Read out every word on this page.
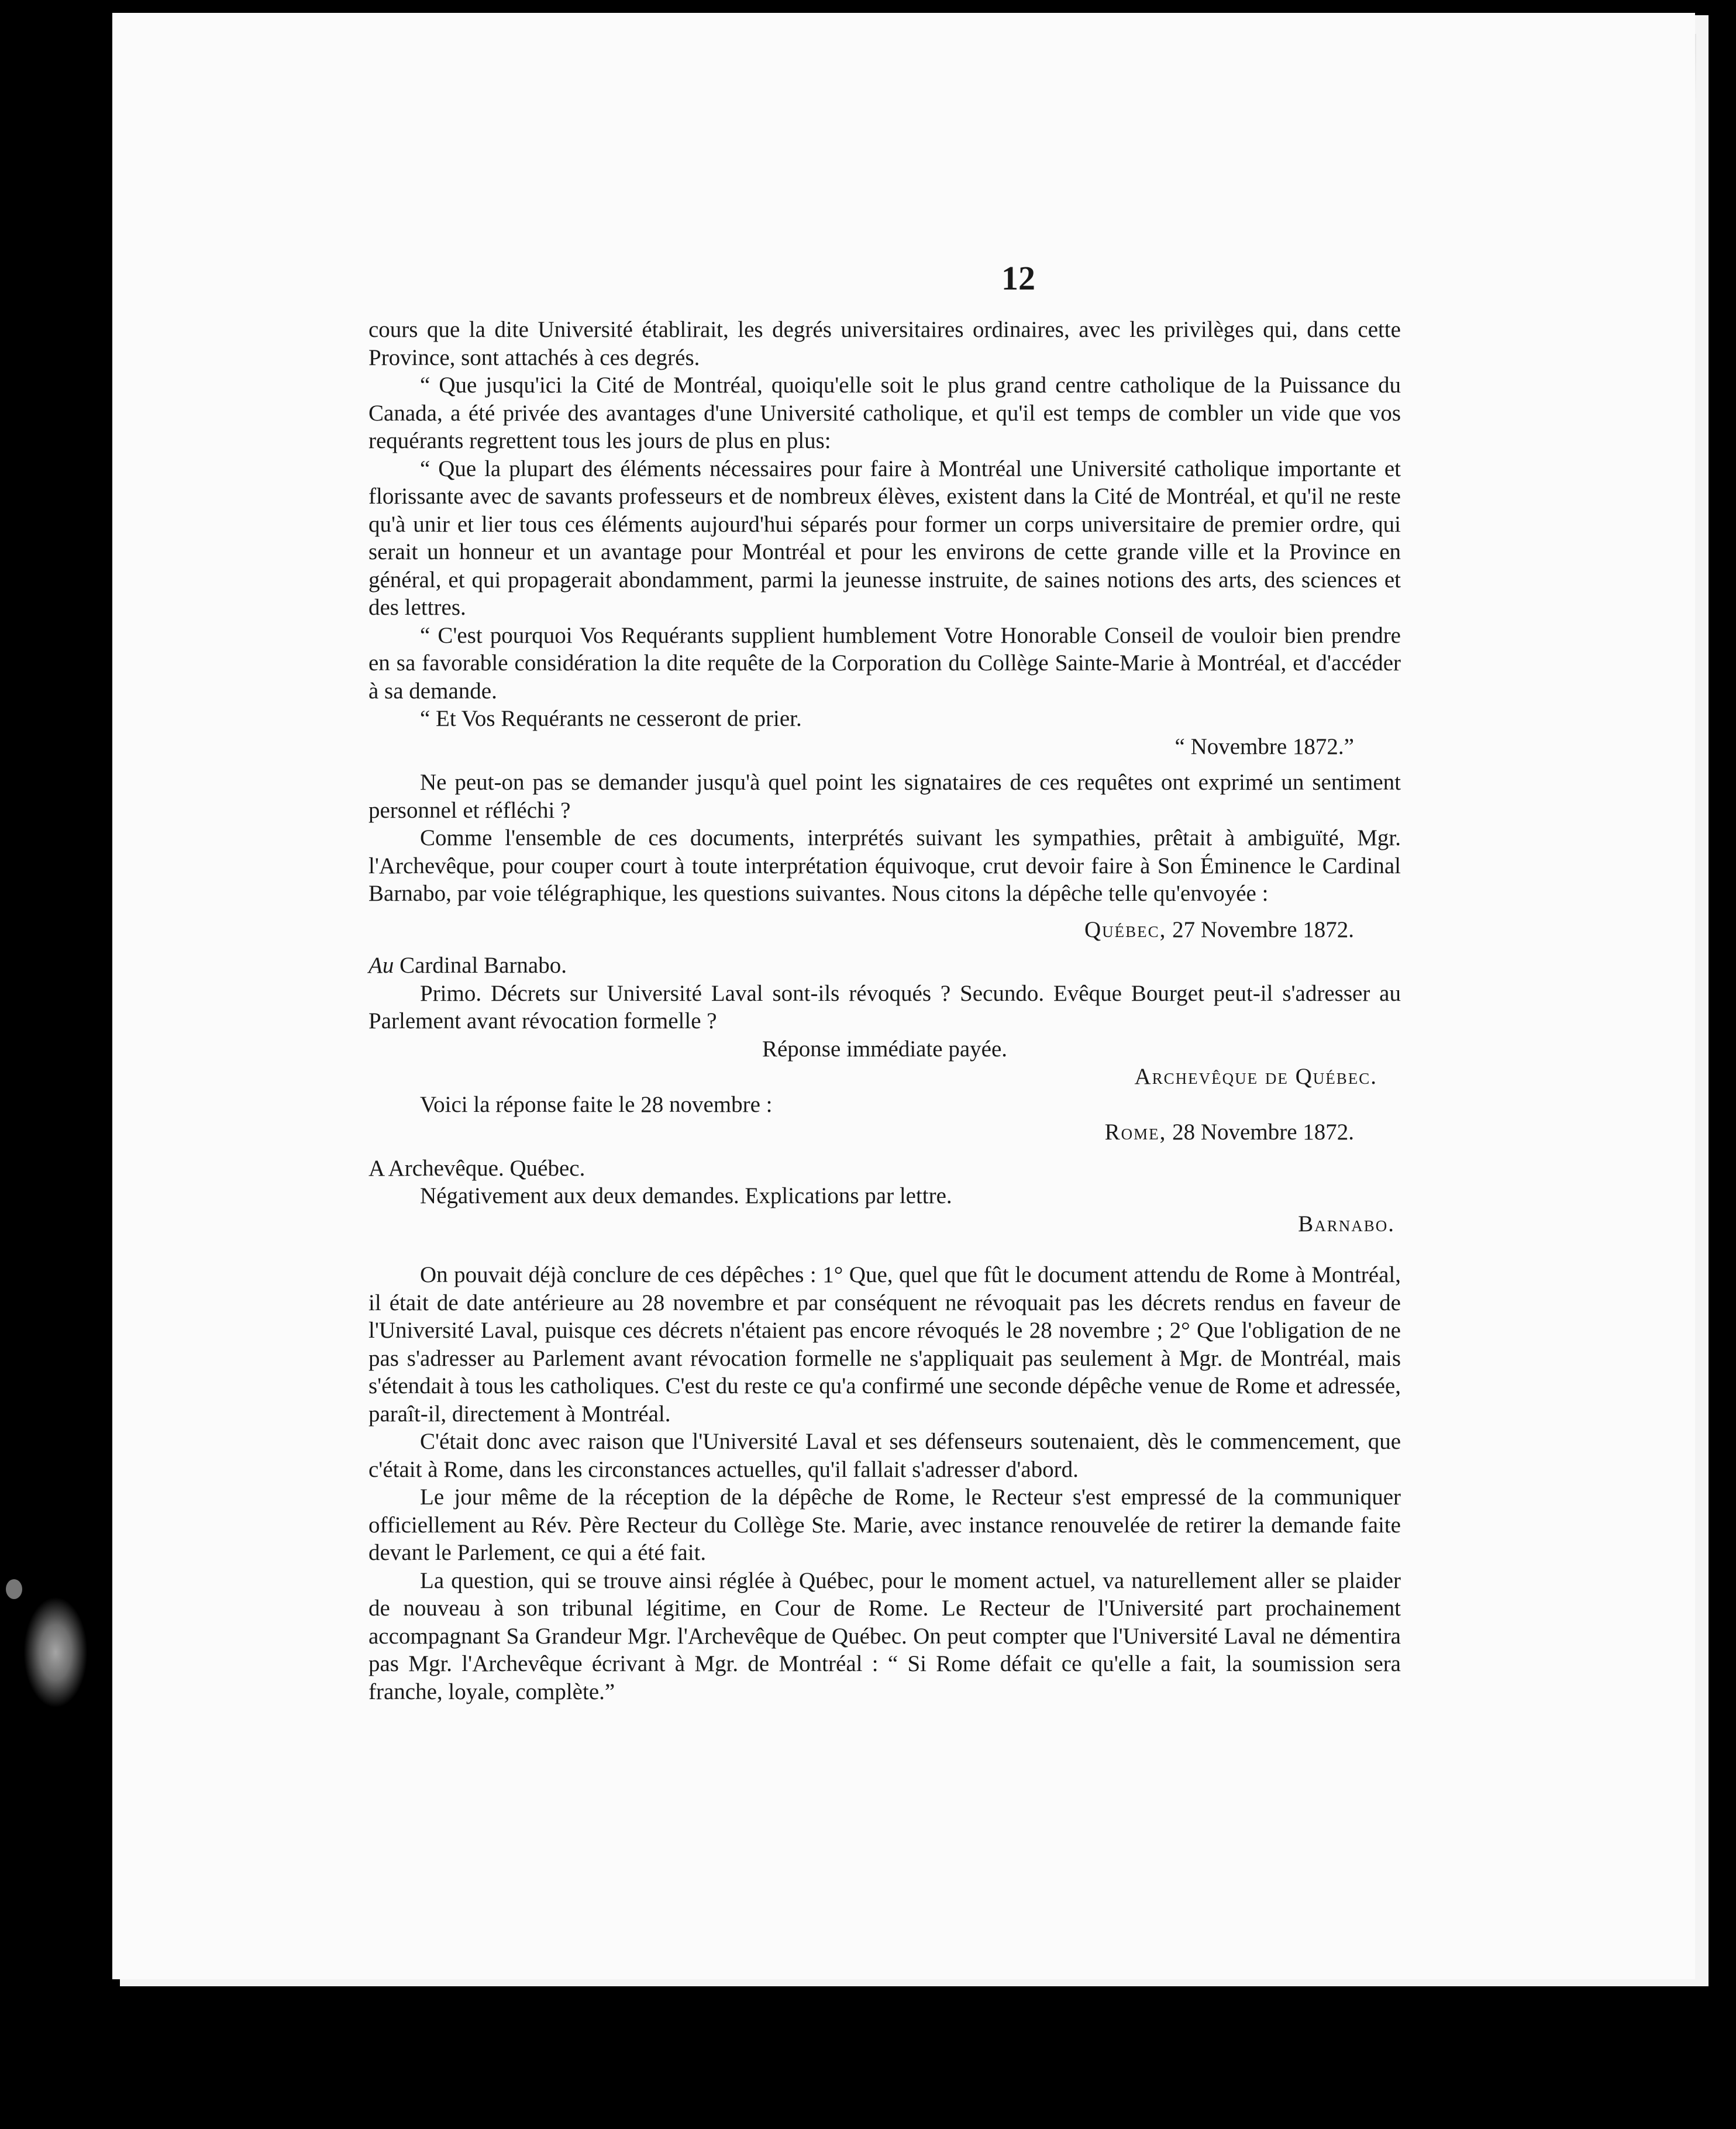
12

cours que la dite Université établirait, les degrés universitaires ordinaires, avec les privilèges qui, dans cette Province, sont attachés à ces degrés.

“ Que jusqu'ici la Cité de Montréal, quoiqu'elle soit le plus grand centre catholique de la Puissance du Canada, a été privée des avantages d'une Université catholique, et qu'il est temps de combler un vide que vos requérants regrettent tous les jours de plus en plus:

“ Que la plupart des éléments nécessaires pour faire à Montréal une Université catholique importante et florissante avec de savants professeurs et de nombreux élèves, existent dans la Cité de Montréal, et qu'il ne reste qu'à unir et lier tous ces éléments aujourd'hui séparés pour former un corps universitaire de premier ordre, qui serait un honneur et un avantage pour Montréal et pour les environs de cette grande ville et la Province en général, et qui propagerait abondamment, parmi la jeunesse instruite, de saines notions des arts, des sciences et des lettres.

“ C'est pourquoi Vos Requérants supplient humblement Votre Honorable Conseil de vouloir bien prendre en sa favorable considération la dite requête de la Corporation du Collège Sainte-Marie à Montréal, et d'accéder à sa demande.

“ Et Vos Requérants ne cesseront de prier.

“ Novembre 1872.”

Ne peut-on pas se demander jusqu'à quel point les signataires de ces requêtes ont exprimé un sentiment personnel et réfléchi ?

Comme l'ensemble de ces documents, interprétés suivant les sympathies, prêtait à ambiguïté, Mgr. l'Archevêque, pour couper court à toute interprétation équivoque, crut devoir faire à Son Éminence le Cardinal Barnabo, par voie télégraphique, les questions suivantes. Nous citons la dépêche telle qu'envoyée :

Québec, 27 Novembre 1872.

Au Cardinal Barnabo.

Primo. Décrets sur Université Laval sont-ils révoqués ? Secundo. Evêque Bourget peut-il s'adresser au Parlement avant révocation formelle ?

Réponse immédiate payée.

Archevêque de Québec.

Voici la réponse faite le 28 novembre :

Rome, 28 Novembre 1872.

A Archevêque. Québec.

Négativement aux deux demandes. Explications par lettre.

Barnabo.

On pouvait déjà conclure de ces dépêches : 1° Que, quel que fût le document attendu de Rome à Montréal, il était de date antérieure au 28 novembre et par conséquent ne révoquait pas les décrets rendus en faveur de l'Université Laval, puisque ces décrets n'étaient pas encore révoqués le 28 novembre ; 2° Que l'obligation de ne pas s'adresser au Parlement avant révocation formelle ne s'appliquait pas seulement à Mgr. de Montréal, mais s'étendait à tous les catholiques. C'est du reste ce qu'a confirmé une seconde dépêche venue de Rome et adressée, paraît-il, directement à Montréal.

C'était donc avec raison que l'Université Laval et ses défenseurs soutenaient, dès le commencement, que c'était à Rome, dans les circonstances actuelles, qu'il fallait s'adresser d'abord.

Le jour même de la réception de la dépêche de Rome, le Recteur s'est empressé de la communiquer officiellement au Rév. Père Recteur du Collège Ste. Marie, avec instance renouvelée de retirer la demande faite devant le Parlement, ce qui a été fait.

La question, qui se trouve ainsi réglée à Québec, pour le moment actuel, va naturellement aller se plaider de nouveau à son tribunal légitime, en Cour de Rome. Le Recteur de l'Université part prochainement accompagnant Sa Grandeur Mgr. l'Archevêque de Québec. On peut compter que l'Université Laval ne démentira pas Mgr. l'Archevêque écrivant à Mgr. de Montréal : “ Si Rome défait ce qu'elle a fait, la soumission sera franche, loyale, complète.”
